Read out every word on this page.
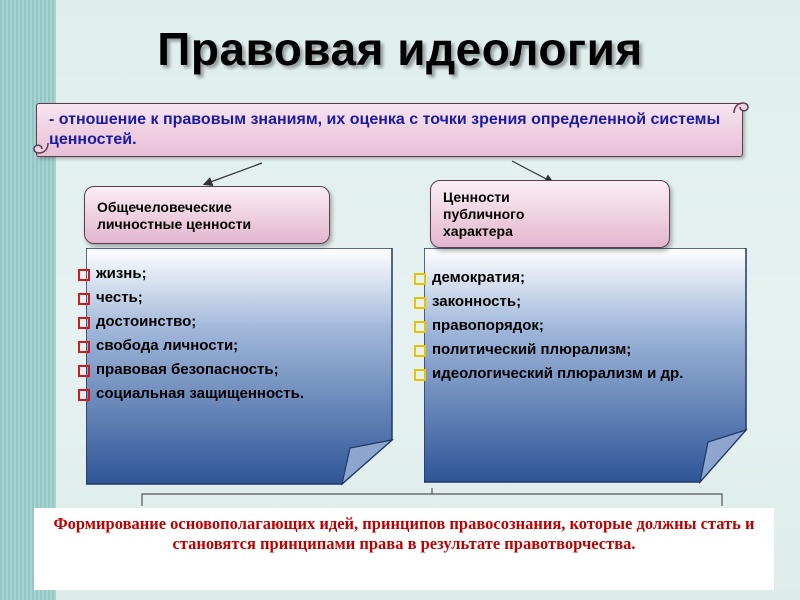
Правовая идеология
- отношение к правовым знаниям, их оценка с точки зрения определенной системы ценностей.
Общечеловеческие личностные ценности
Ценности публичного характера
жизнь;
честь;
достоинство;
свобода личности;
правовая безопасность;
социальная защищенность.
демократия;
законность;
правопорядок;
политический плюрализм;
идеологический плюрализм и др.
Формирование основополагающих идей, принципов правосознания, которые должны стать и становятся принципами права в результате правотворчества.
